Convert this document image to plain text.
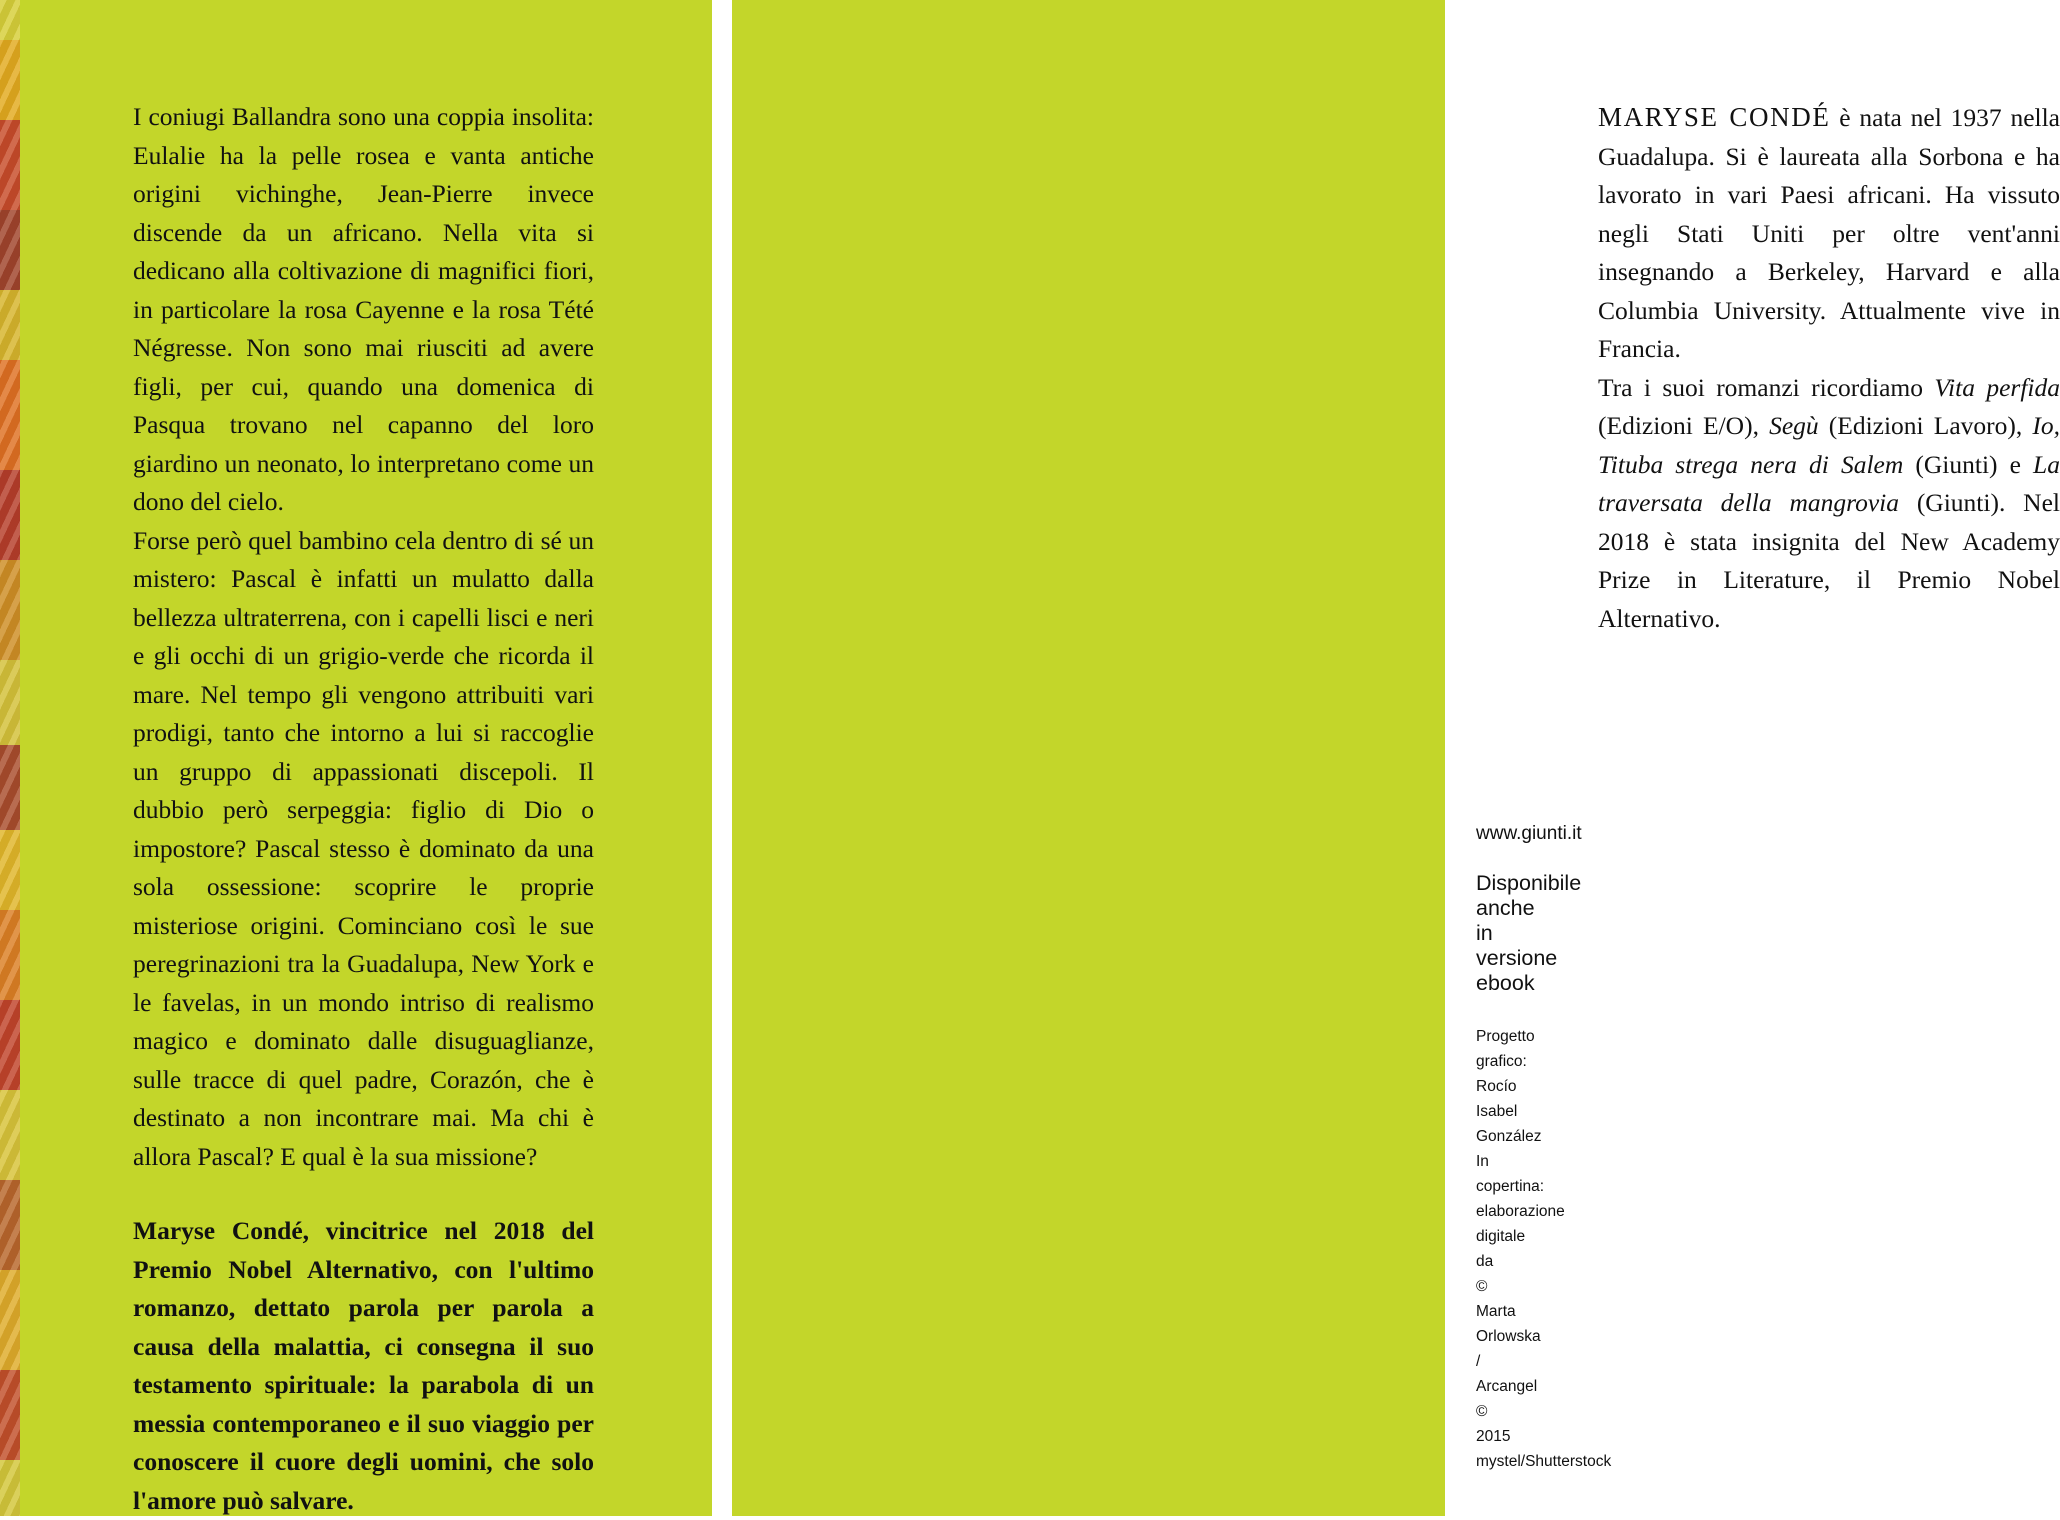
I coniugi Ballandra sono una coppia insolita: Eulalie ha la pelle rosea e vanta antiche origini vichinghe, Jean-Pierre invece discende da un africano. Nella vita si dedicano alla coltivazione di magnifici fiori, in particolare la rosa Cayenne e la rosa Tété Négresse. Non sono mai riusciti ad avere figli, per cui, quando una domenica di Pasqua trovano nel capanno del loro giardino un neonato, lo interpretano come un dono del cielo.

Forse però quel bambino cela dentro di sé un mistero: Pascal è infatti un mulatto dalla bellezza ultraterrena, con i capelli lisci e neri e gli occhi di un grigio-verde che ricorda il mare. Nel tempo gli vengono attribuiti vari prodigi, tanto che intorno a lui si raccoglie un gruppo di appassionati discepoli. Il dubbio però serpeggia: figlio di Dio o impostore? Pascal stesso è dominato da una sola ossessione: scoprire le proprie misteriose origini. Cominciano così le sue peregrinazioni tra la Guadalupa, New York e le favelas, in un mondo intriso di realismo magico e dominato dalle disuguaglianze, sulle tracce di quel padre, Corazón, che è destinato a non incontrare mai. Ma chi è allora Pascal? E qual è la sua missione?

Maryse Condé, vincitrice nel 2018 del Premio Nobel Alternativo, con l'ultimo romanzo, dettato parola per parola a causa della malattia, ci consegna il suo testamento spirituale: la parabola di un messia contemporaneo e il suo viaggio per conoscere il cuore degli uomini, che solo l'amore può salvare.

MARYSE CONDÉ è nata nel 1937 nella Guadalupa. Si è laureata alla Sorbona e ha lavorato in vari Paesi africani. Ha vissuto negli Stati Uniti per oltre vent'anni insegnando a Berkeley, Harvard e alla Columbia University. Attualmente vive in Francia.

Tra i suoi romanzi ricordiamo Vita perfida (Edizioni E/O), Segù (Edizioni Lavoro), Io, Tituba strega nera di Salem (Giunti) e La traversata della mangrovia (Giunti). Nel 2018 è stata insignita del New Academy Prize in Literature, il Premio Nobel Alternativo.

www.giunti.it
Disponibile anche in versione ebook
Progetto grafico: Rocío Isabel González
In copertina: elaborazione digitale da © Marta Orlowska / Arcangel
© 2015 mystel/Shutterstock
